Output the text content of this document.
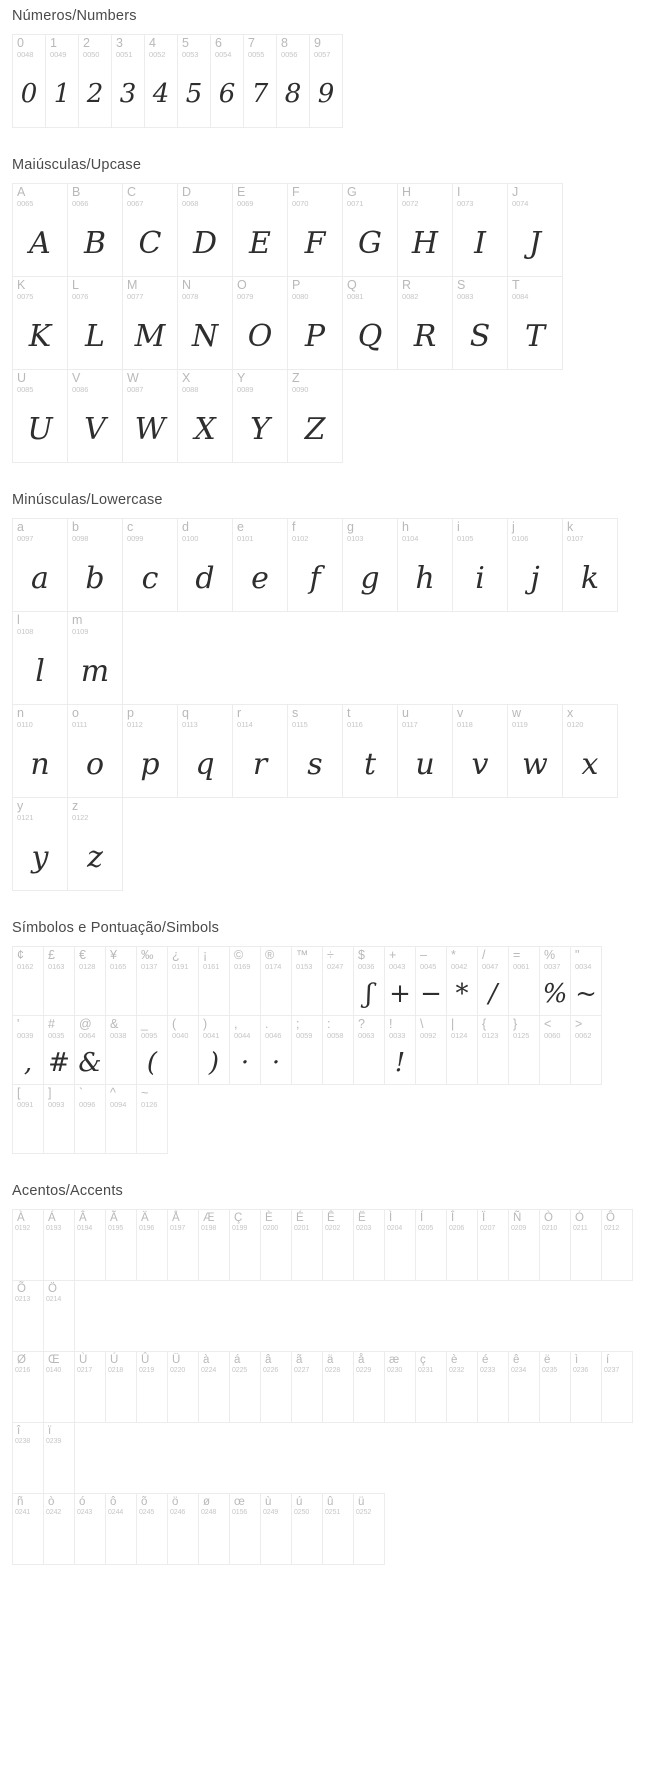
Números/Numbers
0
0048
0
1
0049
1
2
0050
2
3
0051
3
4
0052
4
5
0053
5
6
0054
6
7
0055
7
8
0056
8
9
0057
9
Maiúsculas/Upcase
A
0065
A
B
0066
B
C
0067
C
D
0068
D
E
0069
E
F
0070
F
G
0071
G
H
0072
H
I
0073
I
J
0074
J
K
0075
K
L
0076
L
M
0077
M
N
0078
N
O
0079
O
P
0080
P
Q
0081
Q
R
0082
R
S
0083
S
T
0084
T
U
0085
U
V
0086
V
W
0087
W
X
0088
X
Y
0089
Y
Z
0090
Z
Minúsculas/Lowercase
a
0097
a
b
0098
b
c
0099
c
d
0100
d
e
0101
e
f
0102
f
g
0103
g
h
0104
h
i
0105
i
j
0106
j
k
0107
k
l
0108
l
m
0109
m
n
0110
n
o
0111
o
p
0112
p
q
0113
q
r
0114
r
s
0115
s
t
0116
t
u
0117
u
v
0118
v
w
0119
w
x
0120
x
y
0121
y
z
0122
z
Símbolos e Pontuação/Simbols
¢
0162
£
0163
€
0128
¥
0165
‰
0137
¿
0191
¡
0161
©
0169
®
0174
™
0153
÷
0247
$
0036
ʃ
+
0043
+
–
0045
−
*
0042
*
/
0047
/
=
0061
%
0037
%
"
0034
~
'
0039
,
#
0035
#
@
0064
&
&
0038
_
0095
(
(
0040
)
0041
)
,
0044
·
.
0046
·
;
0059
:
0058
?
0063
!
0033
!
\
0092
|
0124
{
0123
}
0125
<
0060
>
0062
[
0091
]
0093
`
0096
^
0094
~
0126
Acentos/Accents
À
0192
Á
0193
Â
0194
Ã
0195
Ä
0196
Å
0197
Æ
0198
Ç
0199
È
0200
É
0201
Ê
0202
Ë
0203
Ì
0204
Í
0205
Î
0206
Ï
0207
Ñ
0209
Ò
0210
Ó
0211
Ô
0212
Õ
0213
Ö
0214
Ø
0216
Œ
0140
Ù
0217
Ú
0218
Û
0219
Ü
0220
à
0224
á
0225
â
0226
ã
0227
ä
0228
å
0229
æ
0230
ç
0231
è
0232
é
0233
ê
0234
ë
0235
ì
0236
í
0237
î
0238
ï
0239
ñ
0241
ò
0242
ó
0243
ô
0244
õ
0245
ö
0246
ø
0248
œ
0156
ù
0249
ú
0250
û
0251
ü
0252
